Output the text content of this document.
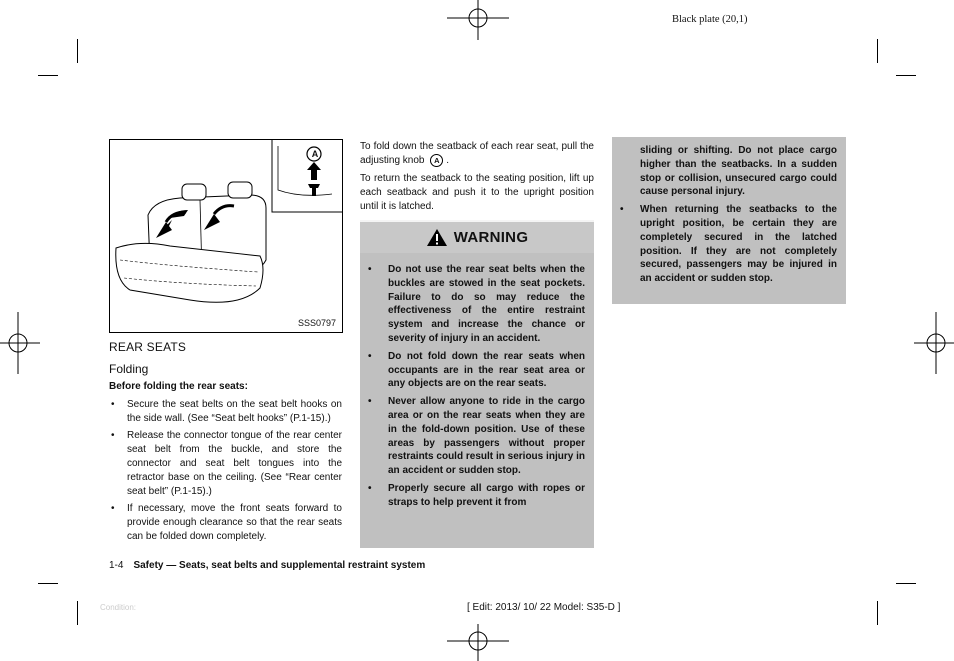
Black plate (20,1)
A
SSS0797
REAR SEATS
Folding
Before folding the rear seats:
• Secure the seat belts on the seat belt hooks on the side wall. (See “Seat belt hooks” (P.1-15).)
• Release the connector tongue of the rear center seat belt from the buckle, and store the connector and seat belt tongues into the retractor base on the ceiling. (See “Rear center seat belt” (P.1-15).)
• If necessary, move the front seats forward to provide enough clearance so that the rear seats can be folded down completely.

To fold down the seatback of each rear seat, pull the adjusting knob A .

To return the seatback to the seating position, lift up each seatback and push it to the upright position until it is latched.

WARNING
• Do not use the rear seat belts when the buckles are stowed in the seat pockets. Failure to do so may reduce the effectiveness of the entire restraint system and increase the chance or severity of injury in an accident.
• Do not fold down the rear seats when occupants are in the rear seat area or any objects are on the rear seats.
• Never allow anyone to ride in the cargo area or on the rear seats when they are in the fold-down position. Use of these areas by passengers without proper restraints could result in serious injury in an accident or sudden stop.
• Properly secure all cargo with ropes or straps to help prevent it from
sliding or shifting. Do not place cargo higher than the seatbacks. In a sudden stop or collision, unsecured cargo could cause personal injury.
• When returning the seatbacks to the upright position, be certain they are completely secured in the latched position. If they are not completely secured, passengers may be injured in an accident or sudden stop.
1-4 Safety — Seats, seat belts and supplemental restraint system
Condition:	[ Edit: 2013/ 10/ 22 Model: S35-D ]
